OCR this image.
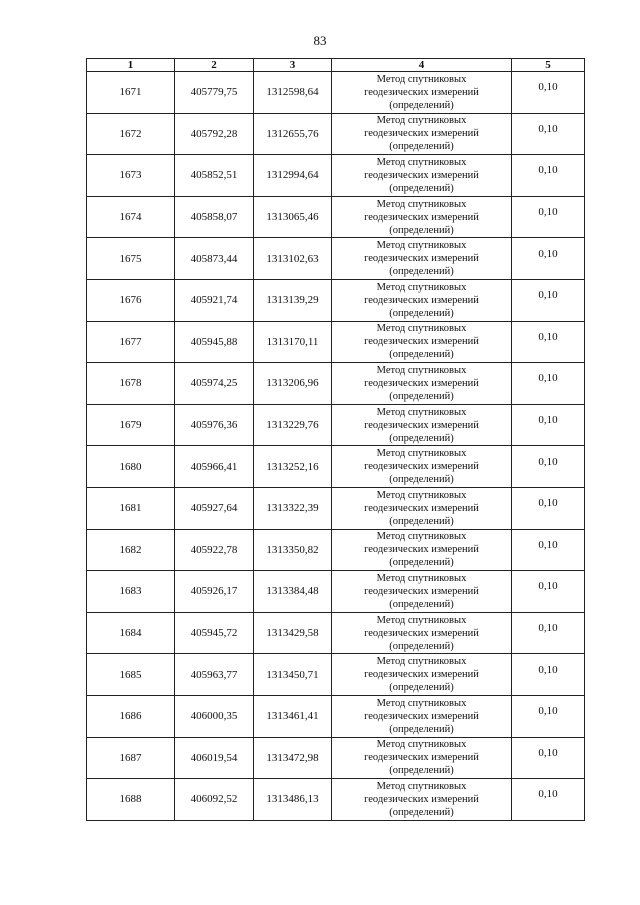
83
1	2	3	4	5
1671	405779,75	1312598,64	Метод спутниковых
геодезических измерений
(определений)	0,10
1672	405792,28	1312655,76	Метод спутниковых
геодезических измерений
(определений)	0,10
1673	405852,51	1312994,64	Метод спутниковых
геодезических измерений
(определений)	0,10
1674	405858,07	1313065,46	Метод спутниковых
геодезических измерений
(определений)	0,10
1675	405873,44	1313102,63	Метод спутниковых
геодезических измерений
(определений)	0,10
1676	405921,74	1313139,29	Метод спутниковых
геодезических измерений
(определений)	0,10
1677	405945,88	1313170,11	Метод спутниковых
геодезических измерений
(определений)	0,10
1678	405974,25	1313206,96	Метод спутниковых
геодезических измерений
(определений)	0,10
1679	405976,36	1313229,76	Метод спутниковых
геодезических измерений
(определений)	0,10
1680	405966,41	1313252,16	Метод спутниковых
геодезических измерений
(определений)	0,10
1681	405927,64	1313322,39	Метод спутниковых
геодезических измерений
(определений)	0,10
1682	405922,78	1313350,82	Метод спутниковых
геодезических измерений
(определений)	0,10
1683	405926,17	1313384,48	Метод спутниковых
геодезических измерений
(определений)	0,10
1684	405945,72	1313429,58	Метод спутниковых
геодезических измерений
(определений)	0,10
1685	405963,77	1313450,71	Метод спутниковых
геодезических измерений
(определений)	0,10
1686	406000,35	1313461,41	Метод спутниковых
геодезических измерений
(определений)	0,10
1687	406019,54	1313472,98	Метод спутниковых
геодезических измерений
(определений)	0,10
1688	406092,52	1313486,13	Метод спутниковых
геодезических измерений
(определений)	0,10
